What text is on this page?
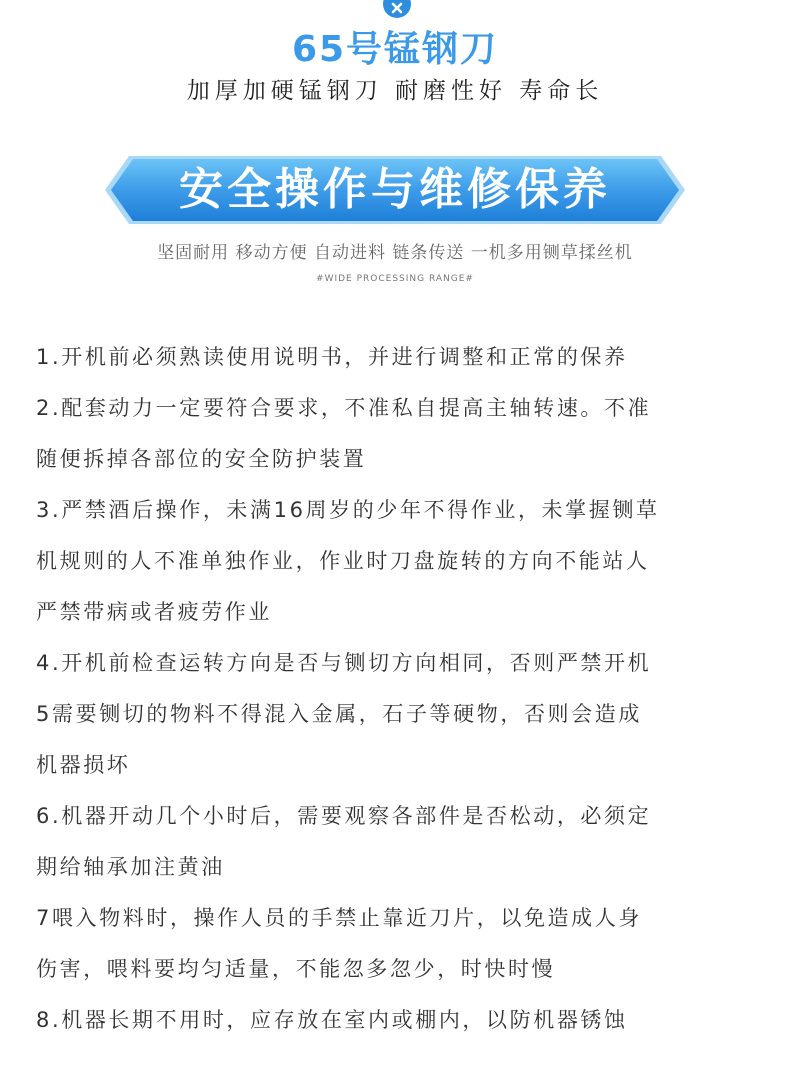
65号锰钢刀
加厚加硬锰钢刀 耐磨性好 寿命长
安全操作与维修保养
坚固耐用 移动方便 自动进料 链条传送 一机多用铡草揉丝机
#WIDE PROCESSING RANGE#
1.开机前必须熟读使用说明书，并进行调整和正常的保养
2.配套动力一定要符合要求，不准私自提高主轴转速。不准
随便拆掉各部位的安全防护装置
3.严禁酒后操作，未满16周岁的少年不得作业，未掌握铡草
机规则的人不准单独作业，作业时刀盘旋转的方向不能站人
严禁带病或者疲劳作业
4.开机前检查运转方向是否与铡切方向相同，否则严禁开机
5需要铡切的物料不得混入金属，石子等硬物，否则会造成
机器损坏
6.机器开动几个小时后，需要观察各部件是否松动，必须定
期给轴承加注黄油
7喂入物料时，操作人员的手禁止靠近刀片，以免造成人身
伤害，喂料要均匀适量，不能忽多忽少，时快时慢
8.机器长期不用时，应存放在室内或棚内，以防机器锈蚀
